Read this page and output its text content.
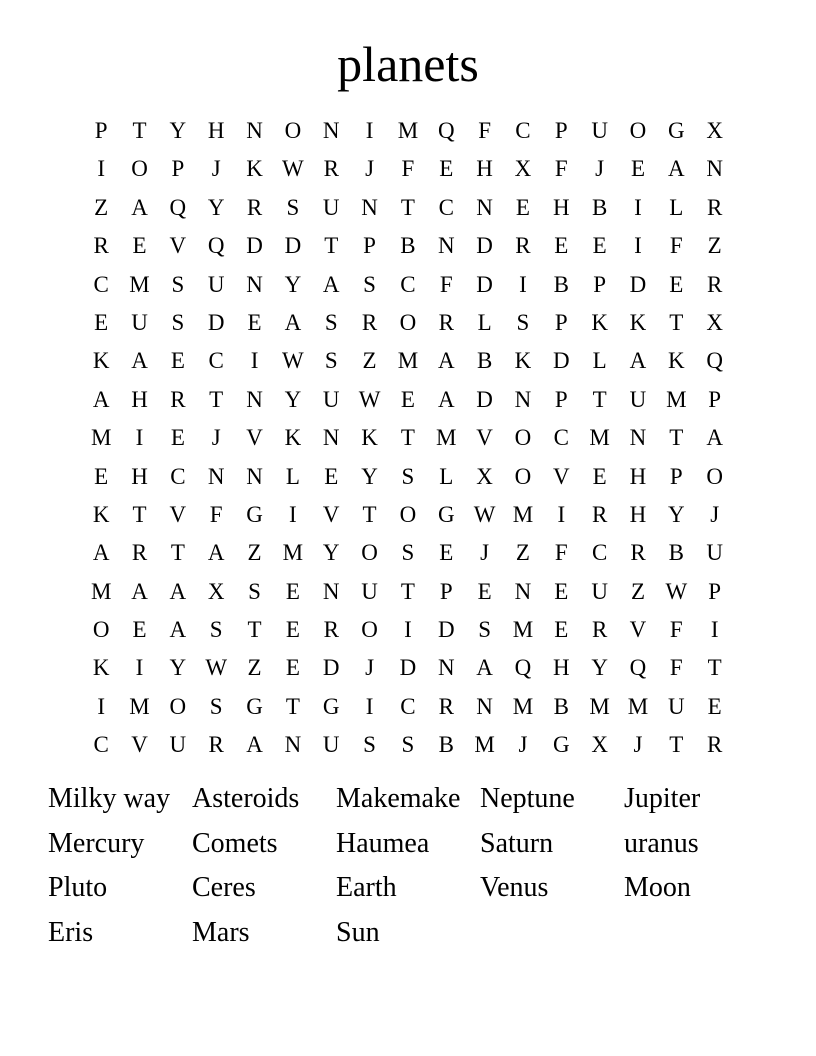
planets
P	T	Y H N O N	I	M Q	F	C	P	U O G X
I	O	P	J	K W R	J	F	E	H X	F	J	E	A N
Z	A Q Y R	S	U N	T	C N	E	H B	I	L	R
R	E	V Q D D	T	P	B N D R	E	E	I	F	Z
C M S	U N Y A	S	C	F	D	I	B	P	D	E	R
E	U	S	D	E	A	S	R O R	L	S	P	K K	T	X
K A	E	C	I	W S	Z M A B K D	L	A K Q
A H R	T	N Y U W E	A D N	P	T	U M P
M	I	E	J	V K N K	T M V O C M N	T	A
E	H C N N	L	E	Y	S	L	X O V	E	H	P	O
K	T	V	F	G	I	V	T	O G W M	I	R H Y	J
A R	T	A	Z M Y O	S	E	J	Z	F	C	R	B U
M A A X	S	E	N U	T	P	E	N	E	U	Z W P
O	E	A	S	T	E	R O	I	D	S M E	R V	F	I
K	I	Y W Z	E	D	J	D N A Q H Y Q	F	T
I	M O	S	G	T	G	I	C	R N M B M M U	E
C V U R A N U	S	S	B M	J	G X	J	T	R
Milky way Asteroids	Makemake Neptune	Jupiter
Mercury	Comets	Haumea	Saturn	uranus
Pluto	Ceres	Earth	Venus	Moon
Eris	Mars	Sun
